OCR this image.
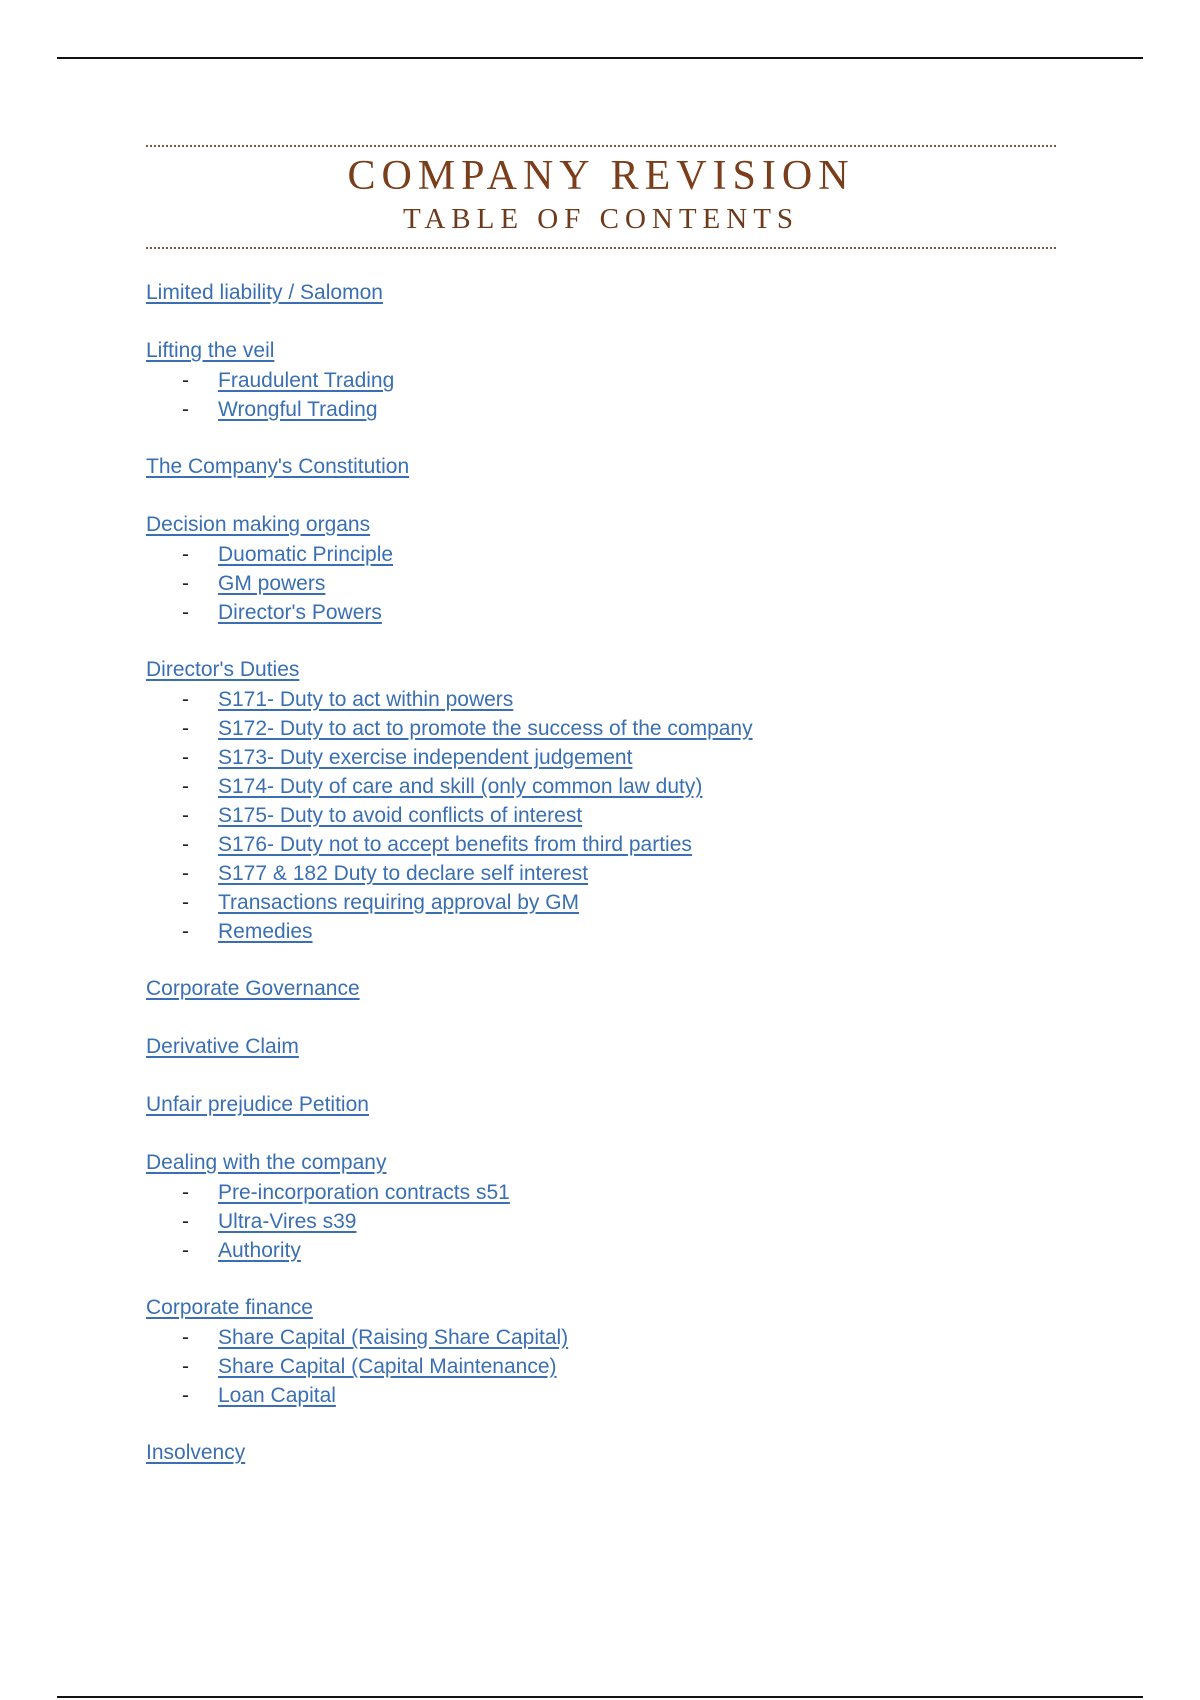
COMPANY REVISION
TABLE OF CONTENTS
Limited liability / Salomon
Lifting the veil
- Fraudulent Trading
- Wrongful Trading
The Company's Constitution
Decision making organs
- Duomatic Principle
- GM powers
- Director's Powers
Director's Duties
- S171- Duty to act within powers
- S172- Duty to act to promote the success of the company
- S173- Duty exercise independent judgement
- S174- Duty of care and skill (only common law duty)
- S175- Duty to avoid conflicts of interest
- S176- Duty not to accept benefits from third parties
- S177 & 182 Duty to declare self interest
- Transactions requiring approval by GM
- Remedies
Corporate Governance
Derivative Claim
Unfair prejudice Petition
Dealing with the company
- Pre-incorporation contracts s51
- Ultra-Vires s39
- Authority
Corporate finance
- Share Capital (Raising Share Capital)
- Share Capital (Capital Maintenance)
- Loan Capital
Insolvency
